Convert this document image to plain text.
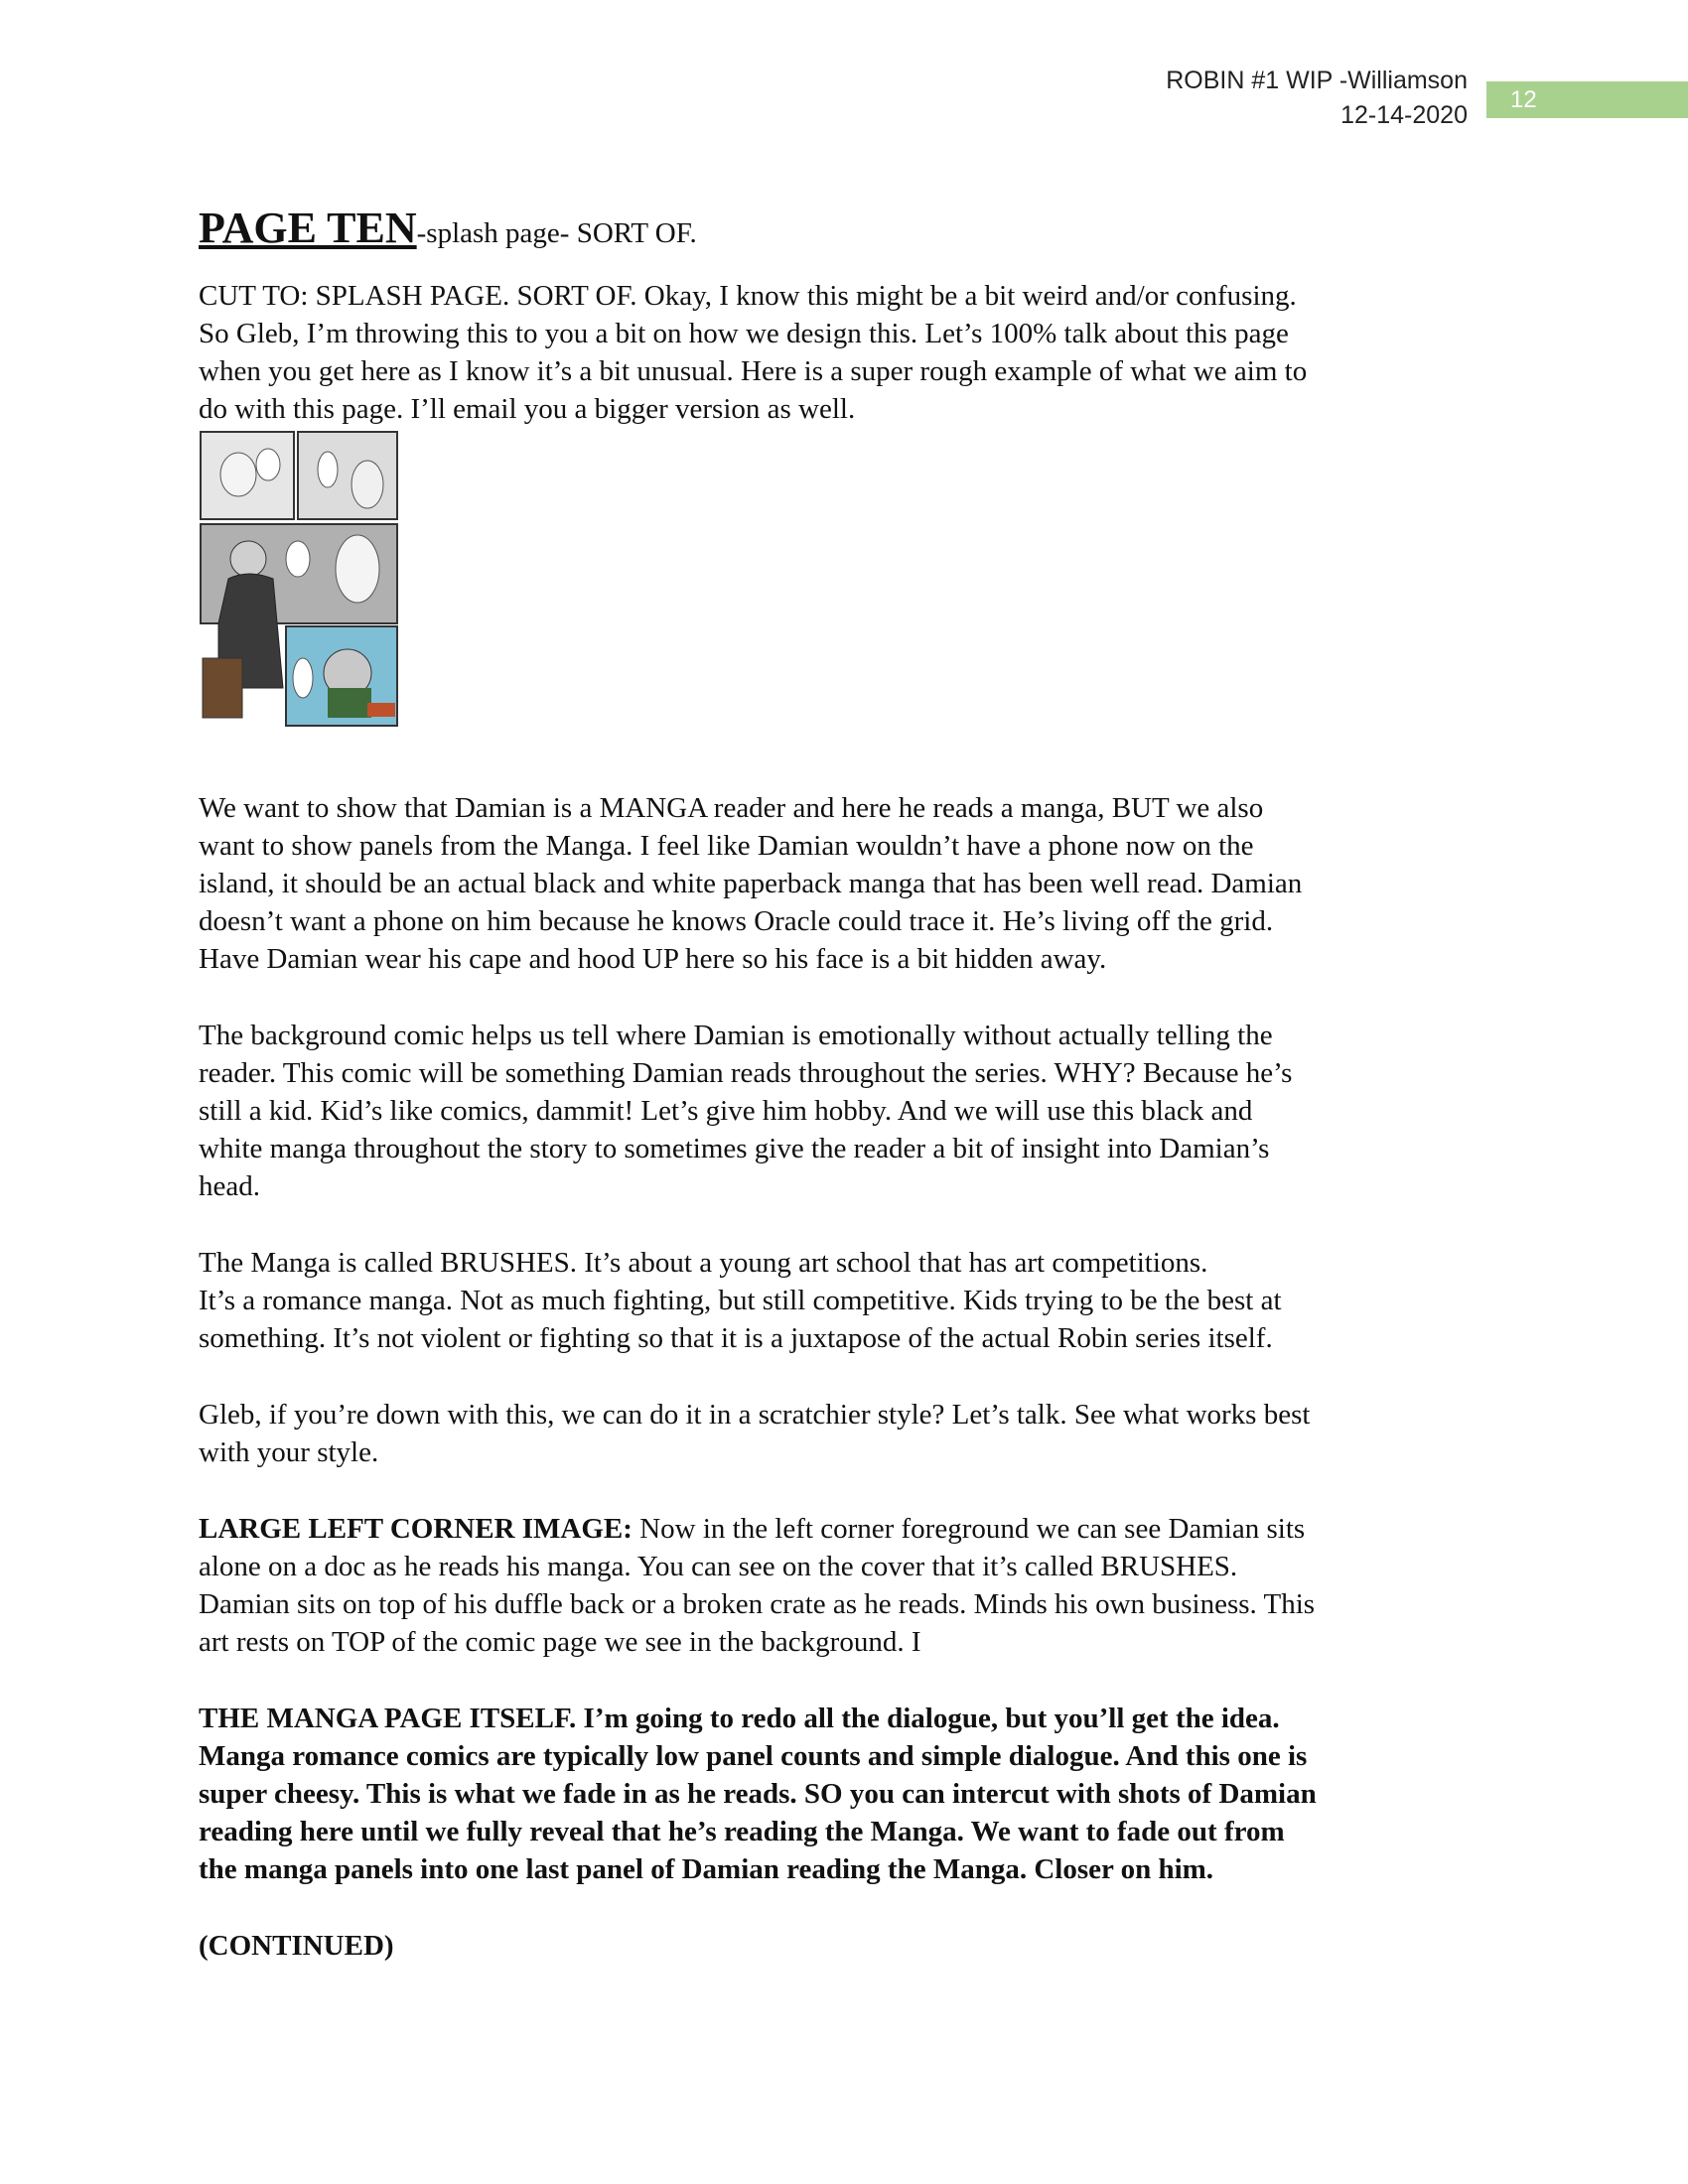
ROBIN #1 WIP -Williamson
12-14-2020
12
PAGE TEN-splash page- SORT OF.

CUT TO: SPLASH PAGE. SORT OF. Okay, I know this might be a bit weird and/or confusing.

So Gleb, I’m throwing this to you a bit on how we design this. Let’s 100% talk about this page

when you get here as I know it’s a bit unusual. Here is a super rough example of what we aim to

do with this page. I’ll email you a bigger version as well.

We want to show that Damian is a MANGA reader and here he reads a manga, BUT we also

want to show panels from the Manga. I feel like Damian wouldn’t have a phone now on the

island, it should be an actual black and white paperback manga that has been well read. Damian

doesn’t want a phone on him because he knows Oracle could trace it. He’s living off the grid.

Have Damian wear his cape and hood UP here so his face is a bit hidden away.

The background comic helps us tell where Damian is emotionally without actually telling the

reader. This comic will be something Damian reads throughout the series. WHY? Because he’s

still a kid. Kid’s like comics, dammit! Let’s give him hobby. And we will use this black and

white manga throughout the story to sometimes give the reader a bit of insight into Damian’s

head.

The Manga is called BRUSHES. It’s about a young art school that has art competitions.

It’s a romance manga. Not as much fighting, but still competitive. Kids trying to be the best at

something. It’s not violent or fighting so that it is a juxtapose of the actual Robin series itself.

Gleb, if you’re down with this, we can do it in a scratchier style? Let’s talk. See what works best

with your style.

LARGE LEFT CORNER IMAGE: Now in the left corner foreground we can see Damian sits

alone on a doc as he reads his manga. You can see on the cover that it’s called BRUSHES.

Damian sits on top of his duffle back or a broken crate as he reads. Minds his own business. This

art rests on TOP of the comic page we see in the background. I

THE MANGA PAGE ITSELF. I’m going to redo all the dialogue, but you’ll get the idea.

Manga romance comics are typically low panel counts and simple dialogue. And this one is

super cheesy. This is what we fade in as he reads. SO you can intercut with shots of Damian

reading here until we fully reveal that he’s reading the Manga. We want to fade out from

the manga panels into one last panel of Damian reading the Manga. Closer on him.

(CONTINUED)
